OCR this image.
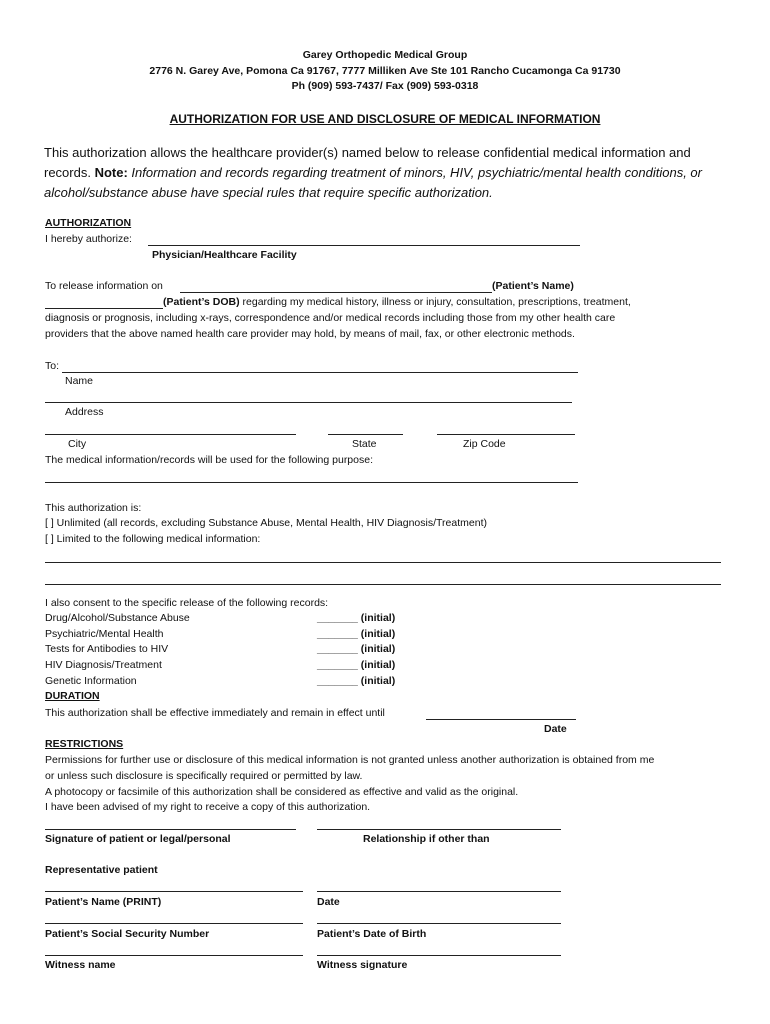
Garey Orthopedic Medical Group
2776 N. Garey Ave, Pomona Ca 91767, 7777 Milliken Ave Ste 101 Rancho Cucamonga Ca 91730
Ph (909) 593-7437/ Fax (909) 593-0318
AUTHORIZATION FOR USE AND DISCLOSURE OF MEDICAL INFORMATION
This authorization allows the healthcare provider(s) named below to release confidential medical information and
records. Note: Information and records regarding treatment of minors, HIV, psychiatric/mental health conditions, or
alcohol/substance abuse have special rules that require specific authorization.
AUTHORIZATION
I hereby authorize:
Physician/Healthcare Facility
To release information on	(Patient’s Name)
(Patient’s DOB) regarding my medical history, illness or injury, consultation, prescriptions, treatment,
diagnosis or prognosis, including x-rays, correspondence and/or medical records including those from my other health care
providers that the above named health care provider may hold, by means of mail, fax, or other electronic methods.
To:
Name
Address
City	State	Zip Code
The medical information/records will be used for the following purpose:
This authorization is:
[ ] Unlimited (all records, excluding Substance Abuse, Mental Health, HIV Diagnosis/Treatment)
[ ] Limited to the following medical information:
I also consent to the specific release of the following records:
Drug/Alcohol/Substance Abuse	_______ (initial)
Psychiatric/Mental Health	_______ (initial)
Tests for Antibodies to HIV	_______ (initial)
HIV Diagnosis/Treatment	_______ (initial)
Genetic Information	_______ (initial)
DURATION
This authorization shall be effective immediately and remain in effect until
Date
RESTRICTIONS
Permissions for further use or disclosure of this medical information is not granted unless another authorization is obtained from me
or unless such disclosure is specifically required or permitted by law.
A photocopy or facsimile of this authorization shall be considered as effective and valid as the original.
I have been advised of my right to receive a copy of this authorization.
Signature of patient or legal/personal	Relationship if other than
Representative patient
Patient’s Name (PRINT)	Date
Patient’s Social Security Number	Patient’s Date of Birth
Witness name	Witness signature
